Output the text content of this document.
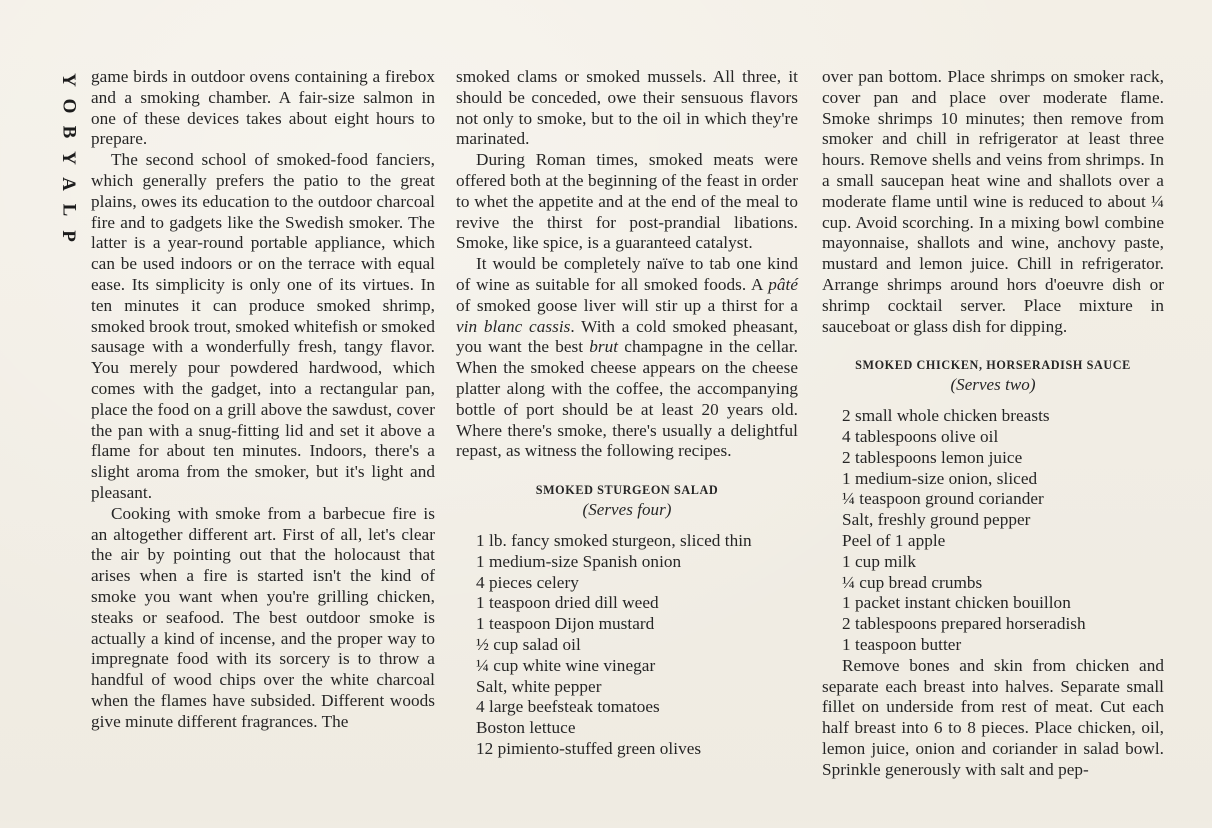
Y
O
B
Y
A
L
P

game birds in outdoor ovens containing a firebox and a smoking chamber. A fair-size salmon in one of these devices takes about eight hours to prepare.

The second school of smoked-food fanciers, which generally prefers the patio to the great plains, owes its education to the outdoor charcoal fire and to gadgets like the Swedish smoker. The latter is a year-round portable appliance, which can be used indoors or on the terrace with equal ease. Its simplicity is only one of its virtues. In ten minutes it can produce smoked shrimp, smoked brook trout, smoked whitefish or smoked sausage with a wonderfully fresh, tangy flavor. You merely pour powdered hardwood, which comes with the gadget, into a rectangular pan, place the food on a grill above the sawdust, cover the pan with a snug-fitting lid and set it above a flame for about ten minutes. Indoors, there's a slight aroma from the smoker, but it's light and pleasant.

Cooking with smoke from a barbecue fire is an altogether different art. First of all, let's clear the air by pointing out that the holocaust that arises when a fire is started isn't the kind of smoke you want when you're grilling chicken, steaks or seafood. The best outdoor smoke is actually a kind of incense, and the proper way to impregnate food with its sorcery is to throw a handful of wood chips over the white charcoal when the flames have subsided. Different woods give minute different fragrances. The

smoked clams or smoked mussels. All three, it should be conceded, owe their sensuous flavors not only to smoke, but to the oil in which they're marinated.

During Roman times, smoked meats were offered both at the beginning of the feast in order to whet the appetite and at the end of the meal to revive the thirst for post-prandial libations. Smoke, like spice, is a guaranteed catalyst.

It would be completely naïve to tab one kind of wine as suitable for all smoked foods. A pâté of smoked goose liver will stir up a thirst for a vin blanc cassis. With a cold smoked pheasant, you want the best brut champagne in the cellar. When the smoked cheese appears on the cheese platter along with the coffee, the accompanying bottle of port should be at least 20 years old. Where there's smoke, there's usually a delightful repast, as witness the following recipes.

SMOKED STURGEON SALAD
(Serves four)
1 lb. fancy smoked sturgeon, sliced thin
1 medium-size Spanish onion
4 pieces celery
1 teaspoon dried dill weed
1 teaspoon Dijon mustard
½ cup salad oil
¼ cup white wine vinegar
Salt, white pepper
4 large beefsteak tomatoes
Boston lettuce
12 pimiento-stuffed green olives

over pan bottom. Place shrimps on smoker rack, cover pan and place over moderate flame. Smoke shrimps 10 minutes; then remove from smoker and chill in refrigerator at least three hours. Remove shells and veins from shrimps. In a small saucepan heat wine and shallots over a moderate flame until wine is reduced to about ¼ cup. Avoid scorching. In a mixing bowl combine mayonnaise, shallots and wine, anchovy paste, mustard and lemon juice. Chill in refrigerator. Arrange shrimps around hors d'oeuvre dish or shrimp cocktail server. Place mixture in sauceboat or glass dish for dipping.

SMOKED CHICKEN, HORSERADISH SAUCE
(Serves two)
2 small whole chicken breasts
4 tablespoons olive oil
2 tablespoons lemon juice
1 medium-size onion, sliced
¼ teaspoon ground coriander
Salt, freshly ground pepper
Peel of 1 apple
1 cup milk
¼ cup bread crumbs
1 packet instant chicken bouillon
2 tablespoons prepared horseradish
1 teaspoon butter

Remove bones and skin from chicken and separate each breast into halves. Separate small fillet on underside from rest of meat. Cut each half breast into 6 to 8 pieces. Place chicken, oil, lemon juice, onion and coriander in salad bowl. Sprinkle generously with salt and pep-
